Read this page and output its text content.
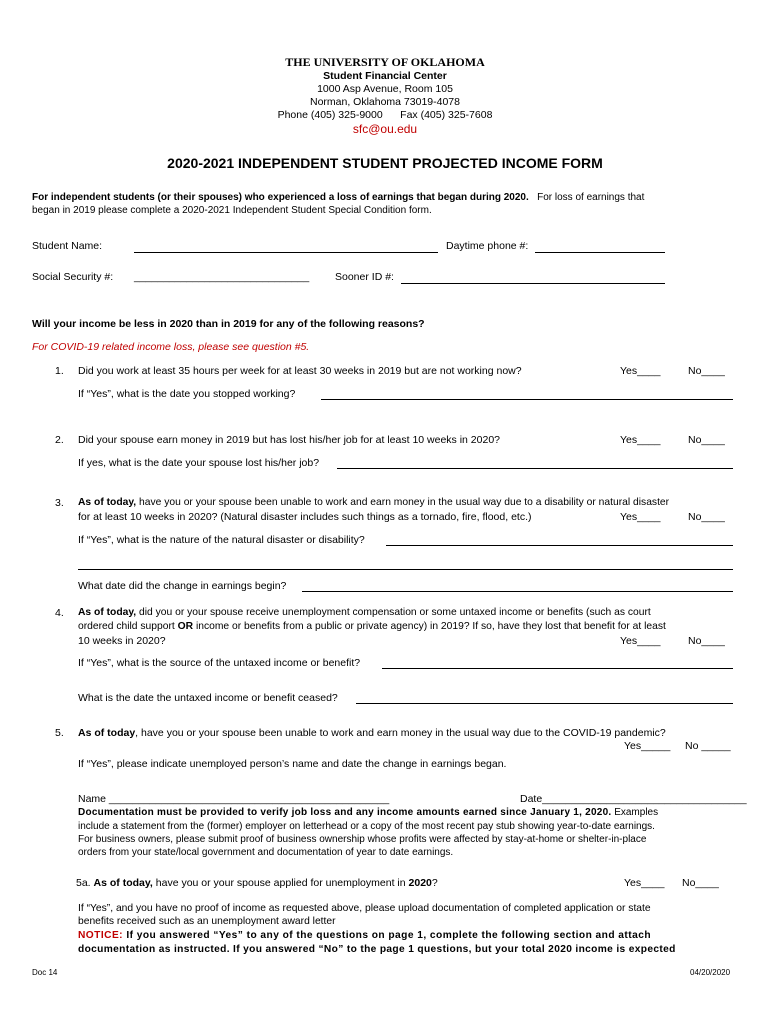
THE UNIVERSITY OF OKLAHOMA
Student Financial Center
1000 Asp Avenue, Room 105
Norman, Oklahoma 73019-4078
Phone (405) 325-9000      Fax (405) 325-7608
sfc@ou.edu
2020-2021 INDEPENDENT STUDENT PROJECTED INCOME FORM
For independent students (or their spouses) who experienced a loss of earnings that began during 2020. For loss of earnings that
began in 2019 please complete a 2020-2021 Independent Student Special Condition form.
Student Name:	Daytime phone #:
Social Security #: ______________________________ Sooner ID #:
Will your income be less in 2020 than in 2019 for any of the following reasons?
For COVID-19 related income loss, please see question #5.
1. Did you work at least 35 hours per week for at least 30 weeks in 2019 but are not working now?	Yes____	No____
If “Yes”, what is the date you stopped working?
2. Did your spouse earn money in 2019 but has lost his/her job for at least 10 weeks in 2020?	Yes____	No____
If yes, what is the date your spouse lost his/her job?
3. As of today, have you or your spouse been unable to work and earn money in the usual way due to a disability or natural disaster
for at least 10 weeks in 2020? (Natural disaster includes such things as a tornado, fire, flood, etc.)	Yes____	No____
If “Yes”, what is the nature of the natural disaster or disability?
What date did the change in earnings begin?
4. As of today, did you or your spouse receive unemployment compensation or some untaxed income or benefits (such as court
ordered child support OR income or benefits from a public or private agency) in 2019? If so, have they lost that benefit for at least
10 weeks in 2020?	Yes____	No____
If “Yes”, what is the source of the untaxed income or benefit?
What is the date the untaxed income or benefit ceased?
5. As of today, have you or your spouse been unable to work and earn money in the usual way due to the COVID-19 pandemic?
Yes_____ No _____
If “Yes”, please indicate unemployed person’s name and date the change in earnings began.
Name ________________________________________________	Date___________________________________
Documentation must be provided to verify job loss and any income amounts earned since January 1, 2020. Examples
include a statement from the (former) employer on letterhead or a copy of the most recent pay stub showing year-to-date earnings.
For business owners, please submit proof of business ownership whose profits were affected by stay-at-home or shelter-in-place
orders from your state/local government and documentation of year to date earnings.
5a. As of today, have you or your spouse applied for unemployment in 2020?	Yes____ No____
If “Yes”, and you have no proof of income as requested above, please upload documentation of completed application or state
benefits received such as an unemployment award letter
NOTICE: If you answered “Yes” to any of the questions on page 1, complete the following section and attach
documentation as instructed. If you answered “No” to the page 1 questions, but your total 2020 income is expected
Doc 14	04/20/2020
